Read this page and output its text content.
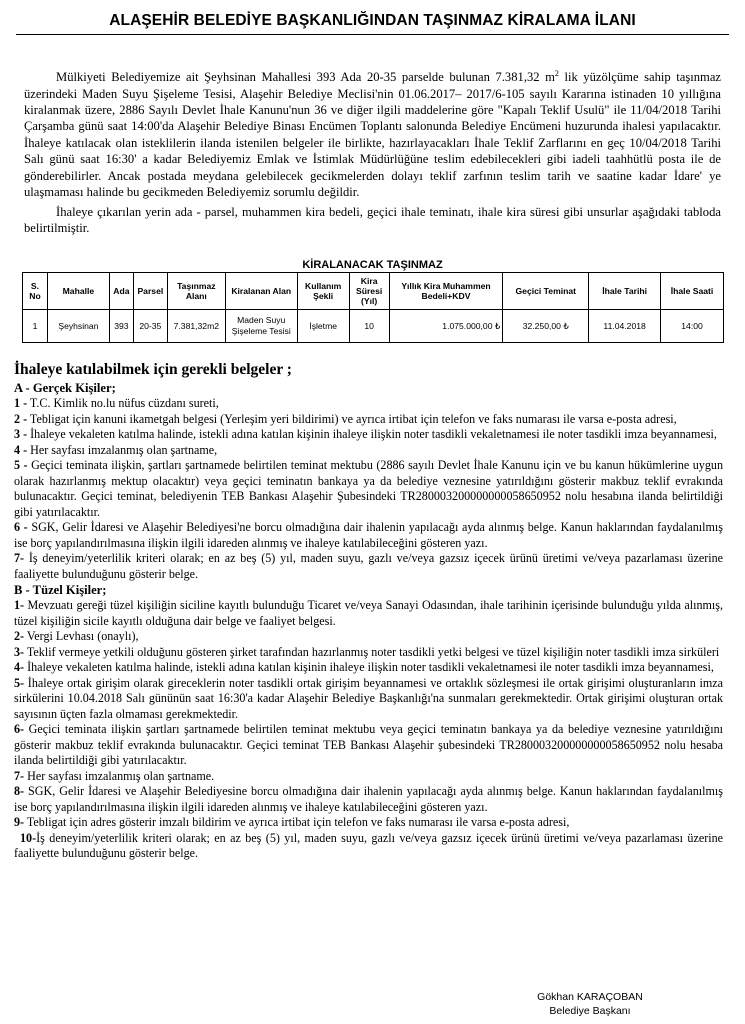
ALAŞEHİR BELEDİYE BAŞKANLIĞINDAN TAŞINMAZ KİRALAMA İLANI
Mülkiyeti Belediyemize ait Şeyhsinan Mahallesi 393 Ada 20-35 parselde bulunan 7.381,32 $m^2$ lik yüzölçüme sahip taşınmaz üzerindeki Maden Suyu Şişeleme Tesisi, Alaşehir Belediye Meclisi'nin 01.06.2017– 2017/6-105 sayılı Kararına istinaden 10 yıllığına kiralanmak üzere, 2886 Sayılı Devlet İhale Kanunu'nun 36 ve diğer ilgili maddelerine göre "Kapalı Teklif Usulü" ile 11/04/2018 Tarihi Çarşamba günü saat 14:00'da Alaşehir Belediye Binası Encümen Toplantı salonunda Belediye Encümeni huzurunda ihalesi yapılacaktır. İhaleye katılacak olan isteklilerin ilanda istenilen belgeler ile birlikte, hazırlayacakları İhale Teklif Zarflarını en geç 10/04/2018 Tarihi Salı günü saat 16:30' a kadar Belediyemiz Emlak ve İstimlak Müdürlüğüne teslim edebilecekleri gibi iadeli taahhütlü posta ile de gönderebilirler. Ancak postada meydana gelebilecek gecikmelerden dolayı teklif zarfının teslim tarih ve saatine kadar İdare' ye ulaşmaması halinde bu gecikmeden Belediyemiz sorumlu değildir.
İhaleye çıkarılan yerin ada - parsel, muhammen kira bedeli, geçici ihale teminatı, ihale kira süresi gibi unsurlar aşağıdaki tabloda belirtilmiştir.
KİRALANACAK TAŞINMAZ
S. No	Mahalle	Ada	Parsel	Taşınmaz Alanı	Kiralanan Alan	Kullanım Şekli	Kira Süresi (Yıl)	Yıllık Kira Muhammen Bedeli+KDV	Geçici Teminat	İhale Tarihi	İhale Saati
1	Şeyhsinan	393	20-35	7.381,32m2	Maden Suyu Şişeleme Tesisi	İşletme	10	1.075.000,00 ₺	32.250,00 ₺	11.04.2018	14:00
İhaleye katılabilmek için gerekli belgeler ;
A - Gerçek Kişiler;
1 - T.C. Kimlik no.lu nüfus cüzdanı sureti,
2 - Tebligat için kanuni ikametgah belgesi (Yerleşim yeri bildirimi) ve ayrıca irtibat için telefon ve faks numarası ile varsa e-posta adresi,
3 - İhaleye vekaleten katılma halinde, istekli adına katılan kişinin ihaleye ilişkin noter tasdikli vekaletnamesi ile noter tasdikli imza beyannamesi,
4 - Her sayfası imzalanmış olan şartname,
5 - Geçici teminata ilişkin, şartları şartnamede belirtilen teminat mektubu (2886 sayılı Devlet İhale Kanunu için ve bu kanun hükümlerine uygun olarak hazırlanmış mektup olacaktır) veya geçici teminatın bankaya ya da belediye veznesine yatırıldığını gösterir makbuz teklif evrakında bulunacaktır. Geçici teminat, belediyenin TEB Bankası Alaşehir Şubesindeki TR280003200000000058650952 nolu hesabına ilanda belirtildiği gibi yatırılacaktır.
6 - SGK, Gelir İdaresi ve Alaşehir Belediyesi'ne borcu olmadığına dair ihalenin yapılacağı ayda alınmış belge. Kanun haklarından faydalanılmış ise borç yapılandırılmasına ilişkin ilgili idareden alınmış ve ihaleye katılabileceğini gösteren yazı.
7- İş deneyim/yeterlilik kriteri olarak; en az beş (5) yıl, maden suyu, gazlı ve/veya gazsız içecek ürünü üretimi ve/veya pazarlaması üzerine faaliyette bulunduğunu gösterir belge.
B - Tüzel Kişiler;
1- Mevzuatı gereği tüzel kişiliğin siciline kayıtlı bulunduğu Ticaret ve/veya Sanayi Odasından, ihale tarihinin içerisinde bulunduğu yılda alınmış, tüzel kişiliğin sicile kayıtlı olduğuna dair belge ve faaliyet belgesi.
2- Vergi Levhası (onaylı),
3- Teklif vermeye yetkili olduğunu gösteren şirket tarafından hazırlanmış noter tasdikli yetki belgesi ve tüzel kişiliğin noter tasdikli imza sirküleri
4- İhaleye vekaleten katılma halinde, istekli adına katılan kişinin ihaleye ilişkin noter tasdikli vekaletnamesi ile noter tasdikli imza beyannamesi,
5- İhaleye ortak girişim olarak gireceklerin noter tasdikli ortak girişim beyannamesi ve ortaklık sözleşmesi ile ortak girişimi oluşturanların imza sirkülerini 10.04.2018 Salı gününün saat 16:30'a kadar Alaşehir Belediye Başkanlığı'na sunmaları gerekmektedir. Ortak girişimi oluşturan ortak sayısının üçten fazla olmaması gerekmektedir.
6- Geçici teminata ilişkin şartları şartnamede belirtilen teminat mektubu veya geçici teminatın bankaya ya da belediye veznesine yatırıldığını gösterir makbuz teklif evrakında bulunacaktır. Geçici teminat TEB Bankası Alaşehir şubesindeki TR280003200000000058650952 nolu hesaba ilanda belirtildiği gibi yatırılacaktır.
7- Her sayfası imzalanmış olan şartname.
8- SGK, Gelir İdaresi ve Alaşehir Belediyesine borcu olmadığına dair ihalenin yapılacağı ayda alınmış belge. Kanun haklarından faydalanılmış ise borç yapılandırılmasına ilişkin ilgili idareden alınmış ve ihaleye katılabileceğini gösteren yazı.
9- Tebligat için adres gösterir imzalı bildirim ve ayrıca irtibat için telefon ve faks numarası ile varsa e-posta adresi,
10-İş deneyim/yeterlilik kriteri olarak; en az beş (5) yıl, maden suyu, gazlı ve/veya gazsız içecek ürünü üretimi ve/veya pazarlaması üzerine faaliyette bulunduğunu gösterir belge.
Gökhan KARAÇOBAN
Belediye Başkanı
